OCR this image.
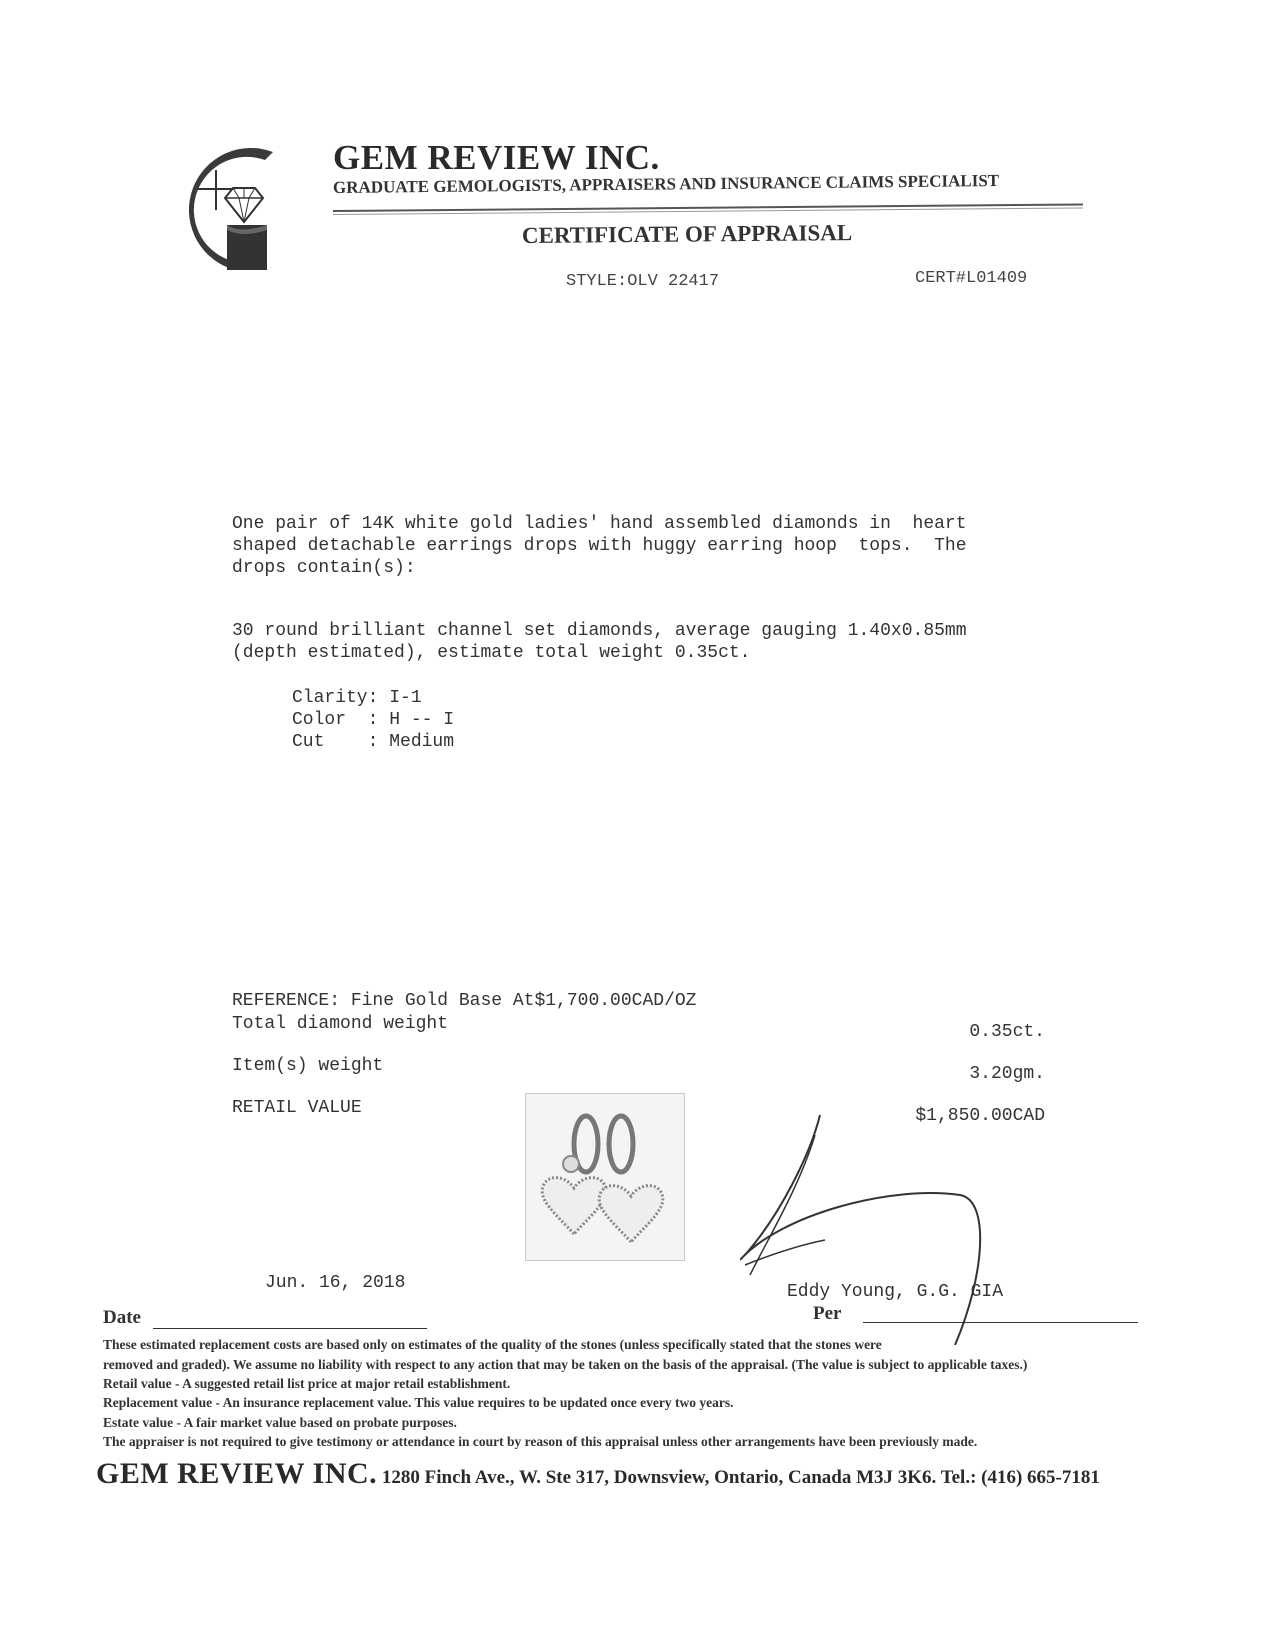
GEM REVIEW INC.
GRADUATE GEMOLOGISTS, APPRAISERS AND INSURANCE CLAIMS SPECIALIST
CERTIFICATE OF APPRAISAL
STYLE:OLV 22417	CERT#L01409
One pair of 14K white gold ladies' hand assembled diamonds in  heart
shaped detachable earrings drops with huggy earring hoop  tops.  The
drops contain(s):
30 round brilliant channel set diamonds, average gauging 1.40x0.85mm
(depth estimated), estimate total weight 0.35ct.
Clarity: I-1
Color  : H -- I
Cut    : Medium
REFERENCE: Fine Gold Base At$1,700.00CAD/OZ
Total diamond weight	0.35ct.
Item(s) weight	3.20gm.
RETAIL VALUE	$1,850.00CAD
Jun. 16, 2018	Eddy Young, G.G. GIA
Date	Per
These estimated replacement costs are based only on estimates of the quality of the stones (unless specifically stated that the stones were
removed and graded). We assume no liability with respect to any action that may be taken on the basis of the appraisal. (The value is subject to applicable taxes.)
Retail value - A suggested retail list price at major retail establishment.
Replacement value - An insurance replacement value. This value requires to be updated once every two years.
Estate value - A fair market value based on probate purposes.
The appraiser is not required to give testimony or attendance in court by reason of this appraisal unless other arrangements have been previously made.
GEM REVIEW INC. 1280 Finch Ave., W. Ste 317, Downsview, Ontario, Canada M3J 3K6. Tel.: (416) 665-7181
